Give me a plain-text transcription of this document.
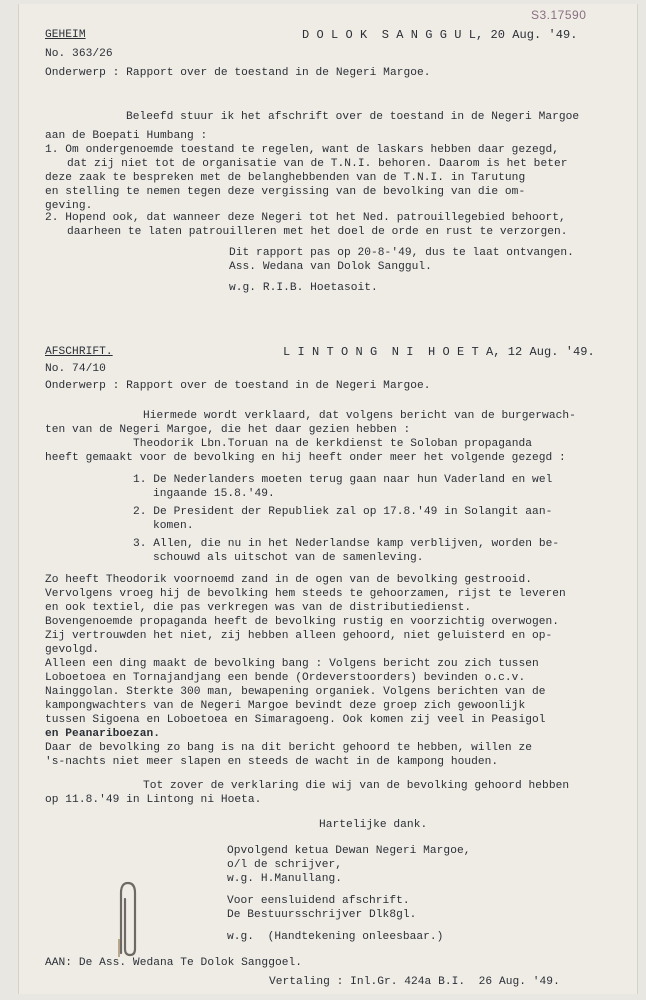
S3.17590
GEHEIM	D O L O K  S A N G G U L, 20 Aug. '49.
No. 363/26
Onderwerp : Rapport over de toestand in de Negeri Margoe.
Beleefd stuur ik het afschrift over de toestand in de Negeri Margoe
aan de Boepati Humbang :
1. Om ondergenoemde toestand te regelen, want de laskars hebben daar gezegd,
dat zij niet tot de organisatie van de T.N.I. behoren. Daarom is het beter
deze zaak te bespreken met de belanghebbenden van de T.N.I. in Tarutung
en stelling te nemen tegen deze vergissing van de bevolking van die om-
geving.
2. Hopend ook, dat wanneer deze Negeri tot het Ned. patrouillegebied behoort,
daarheen te laten patrouilleren met het doel de orde en rust te verzorgen.
Dit rapport pas op 20-8-'49, dus te laat ontvangen.
Ass. Wedana van Dolok Sanggul.
w.g. R.I.B. Hoetasoit.
AFSCHRIFT.	L I N T O N G  N I  H O E T A, 12 Aug. '49.
No. 74/10
Onderwerp : Rapport over de toestand in de Negeri Margoe.
Hiermede wordt verklaard, dat volgens bericht van de burgerwach-
ten van de Negeri Margoe, die het daar gezien hebben :
Theodorik Lbn.Toruan na de kerkdienst te Soloban propaganda
heeft gemaakt voor de bevolking en hij heeft onder meer het volgende gezegd :
1. De Nederlanders moeten terug gaan naar hun Vaderland en wel
ingaande 15.8.'49.
2. De President der Republiek zal op 17.8.'49 in Solangit aan-
komen.
3. Allen, die nu in het Nederlandse kamp verblijven, worden be-
schouwd als uitschot van de samenleving.
Zo heeft Theodorik voornoemd zand in de ogen van de bevolking gestrooid.
Vervolgens vroeg hij de bevolking hem steeds te gehoorzamen, rijst te leveren
en ook textiel, die pas verkregen was van de distributiedienst.
Bovengenoemde propaganda heeft de bevolking rustig en voorzichtig overwogen.
Zij vertrouwden het niet, zij hebben alleen gehoord, niet geluisterd en op-
gevolgd.
Alleen een ding maakt de bevolking bang : Volgens bericht zou zich tussen
Loboetoea en Tornajandjang een bende (Ordeverstoorders) bevinden o.c.v.
Nainggolan. Sterkte 300 man, bewapening organiek. Volgens berichten van de
kampongwachters van de Negeri Margoe bevindt deze groep zich gewoonlijk
tussen Sigoena en Loboetoea en Simaragoeng. Ook komen zij veel in Peasigol
en Peanariboezan.
Daar de bevolking zo bang is na dit bericht gehoord te hebben, willen ze
's-nachts niet meer slapen en steeds de wacht in de kampong houden.
Tot zover de verklaring die wij van de bevolking gehoord hebben
op 11.8.'49 in Lintong ni Hoeta.
Hartelijke dank.
Opvolgend ketua Dewan Negeri Margoe,
o/l de schrijver,
w.g. H.Manullang.
Voor eensluidend afschrift.
De Bestuursschrijver Dlk8gl.
w.g.  (Handtekening onleesbaar.)
AAN: De Ass. Wedana Te Dolok Sanggoel.
Vertaling : Inl.Gr. 424a B.I.  26 Aug. '49.
